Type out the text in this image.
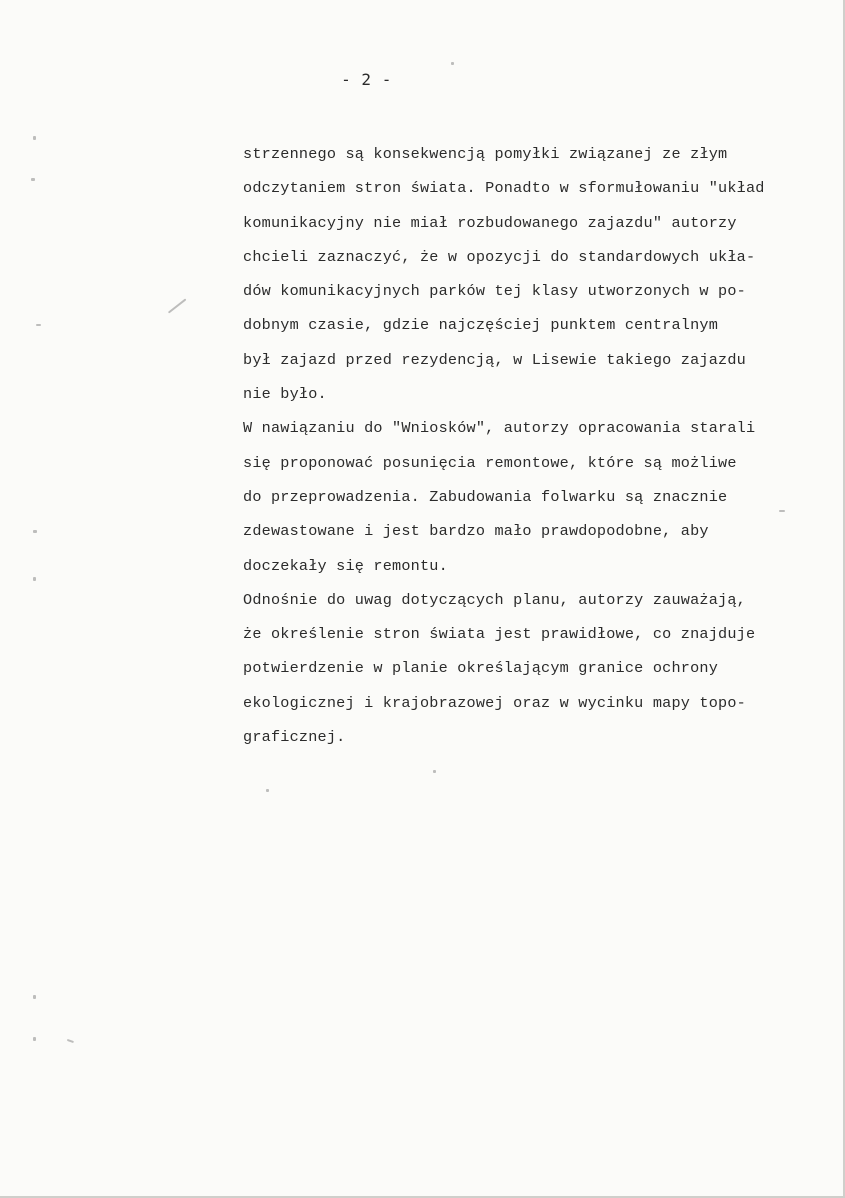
- 2 -
strzennego są konsekwencją pomyłki związanej ze złym
odczytaniem stron świata. Ponadto w sformułowaniu "układ
komunikacyjny nie miał rozbudowanego zajazdu" autorzy
chcieli zaznaczyć, że w opozycji do standardowych ukła-
dów komunikacyjnych parków tej klasy utworzonych w po-
dobnym czasie, gdzie najczęściej punktem centralnym
był zajazd przed rezydencją, w Lisewie takiego zajazdu
nie było.
W nawiązaniu do "Wniosków", autorzy opracowania starali
się proponować posunięcia remontowe, które są możliwe
do przeprowadzenia. Zabudowania folwarku są znacznie
zdewastowane i jest bardzo mało prawdopodobne, aby
doczekały się remontu.
Odnośnie do uwag dotyczących planu, autorzy zauważają,
że określenie stron świata jest prawidłowe, co znajduje
potwierdzenie w planie określającym granice ochrony
ekologicznej i krajobrazowej oraz w wycinku mapy topo-
graficznej.
